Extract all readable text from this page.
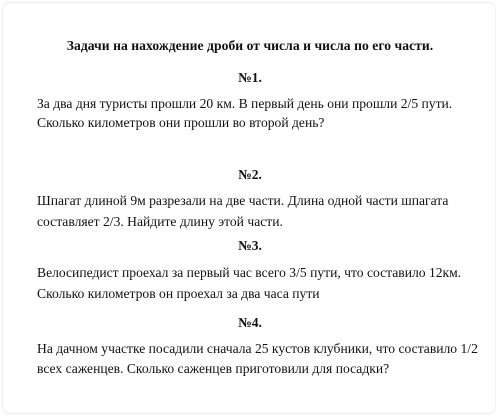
Задачи на нахождение дроби от числа и числа по его части.
№1.
За два дня туристы прошли 20 км. В первый день они прошли 2/5 пути.
Сколько километров они прошли во второй день?
№2.
Шпагат длиной 9м разрезали на две части. Длина одной части шпагата
составляет 2/3. Найдите длину этой части.
№3.
Велосипедист проехал за первый час всего 3/5 пути, что составило 12км.
Сколько километров он проехал за два часа пути
№4.
На дачном участке посадили сначала 25 кустов клубники, что составило 1/2
всех саженцев. Сколько саженцев приготовили для посадки?
